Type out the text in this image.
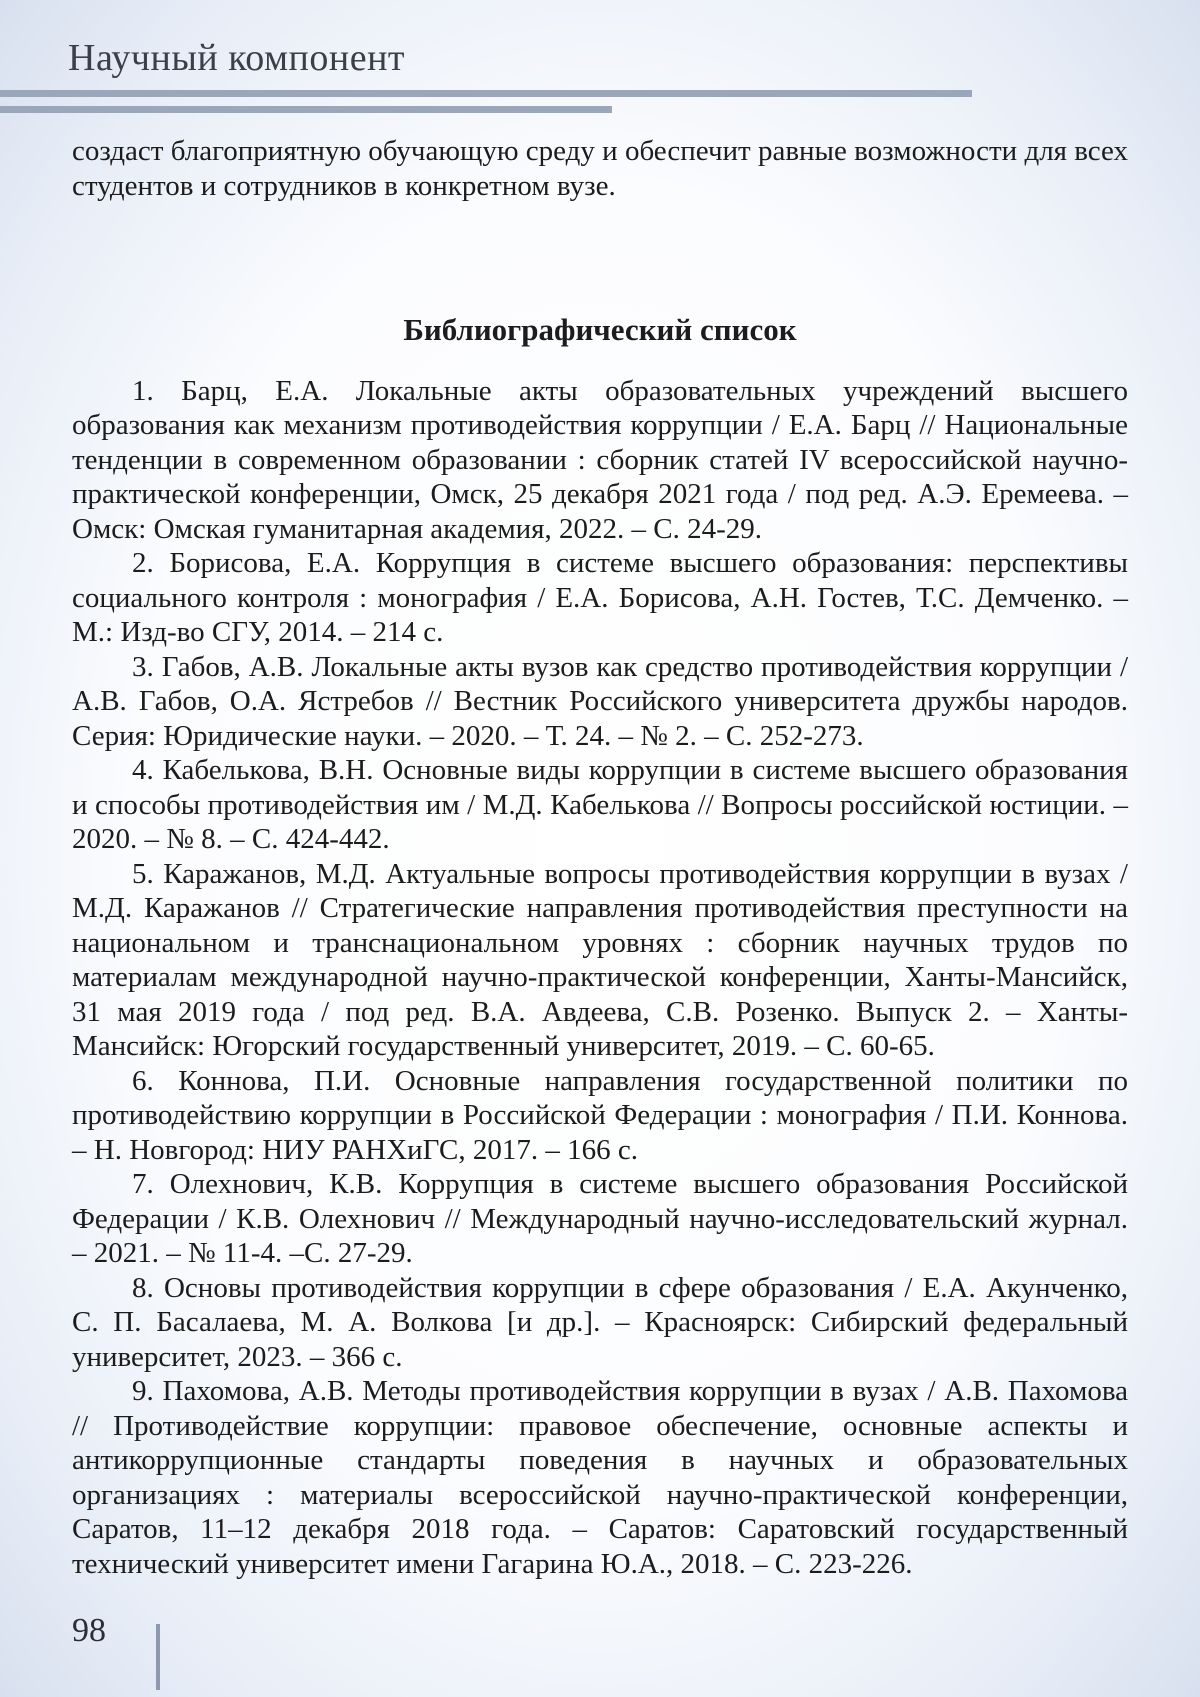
Научный компонент

создаст благоприятную обучающую среду и обеспечит равные возможности для всех студентов и сотрудников в конкретном вузе.

Библиографический список
1. Барц, Е.А. Локальные акты образовательных учреждений высшего образования как механизм противодействия коррупции / Е.А. Барц // Национальные тенденции в современном образовании : сборник статей IV всероссийской научно-практической конференции, Омск, 25 декабря 2021 года / под ред. А.Э. Еремеева. – Омск: Омская гуманитарная академия, 2022. – С. 24-29.
2. Борисова, Е.А. Коррупция в системе высшего образования: перспективы социального контроля : монография / Е.А. Борисова, А.Н. Гостев, Т.С. Демченко. – М.: Изд-во СГУ, 2014. – 214 с.
3. Габов, А.В. Локальные акты вузов как средство противодействия коррупции / А.В. Габов, О.А. Ястребов // Вестник Российского университета дружбы народов. Серия: Юридические науки. – 2020. – Т. 24. – № 2. – С. 252-273.
4. Кабелькова, В.Н. Основные виды коррупции в системе высшего образования и способы противодействия им / М.Д. Кабелькова // Вопросы российской юстиции. – 2020. – № 8. – С. 424-442.
5. Каражанов, М.Д. Актуальные вопросы противодействия коррупции в вузах / М.Д. Каражанов // Стратегические направления противодействия преступности на национальном и транснациональном уровнях : сборник научных трудов по материалам международной научно-практической конференции, Ханты-Мансийск, 31 мая 2019 года / под ред. В.А. Авдеева, С.В. Розенко. Выпуск 2. – Ханты-Мансийск: Югорский государственный университет, 2019. – С. 60-65.
6. Коннова, П.И. Основные направления государственной политики по противодействию коррупции в Российской Федерации : монография / П.И. Коннова. – Н. Новгород: НИУ РАНХиГС, 2017. – 166 с.
7. Олехнович, К.В. Коррупция в системе высшего образования Российской Федерации / К.В. Олехнович // Международный научно-исследовательский журнал. – 2021. – № 11-4. –С. 27-29.
8. Основы противодействия коррупции в сфере образования / Е.А. Акунченко, С. П. Басалаева, М. А. Волкова [и др.]. – Красноярск: Сибирский федеральный университет, 2023. – 366 с.
9. Пахомова, А.В. Методы противодействия коррупции в вузах / А.В. Пахомова // Противодействие коррупции: правовое обеспечение, основные аспекты и антикоррупционные стандарты поведения в научных и образовательных организациях : материалы всероссийской научно-практической конференции, Саратов, 11–12 декабря 2018 года. – Саратов: Саратовский государственный технический университет имени Гагарина Ю.А., 2018. – С. 223-226.
98
